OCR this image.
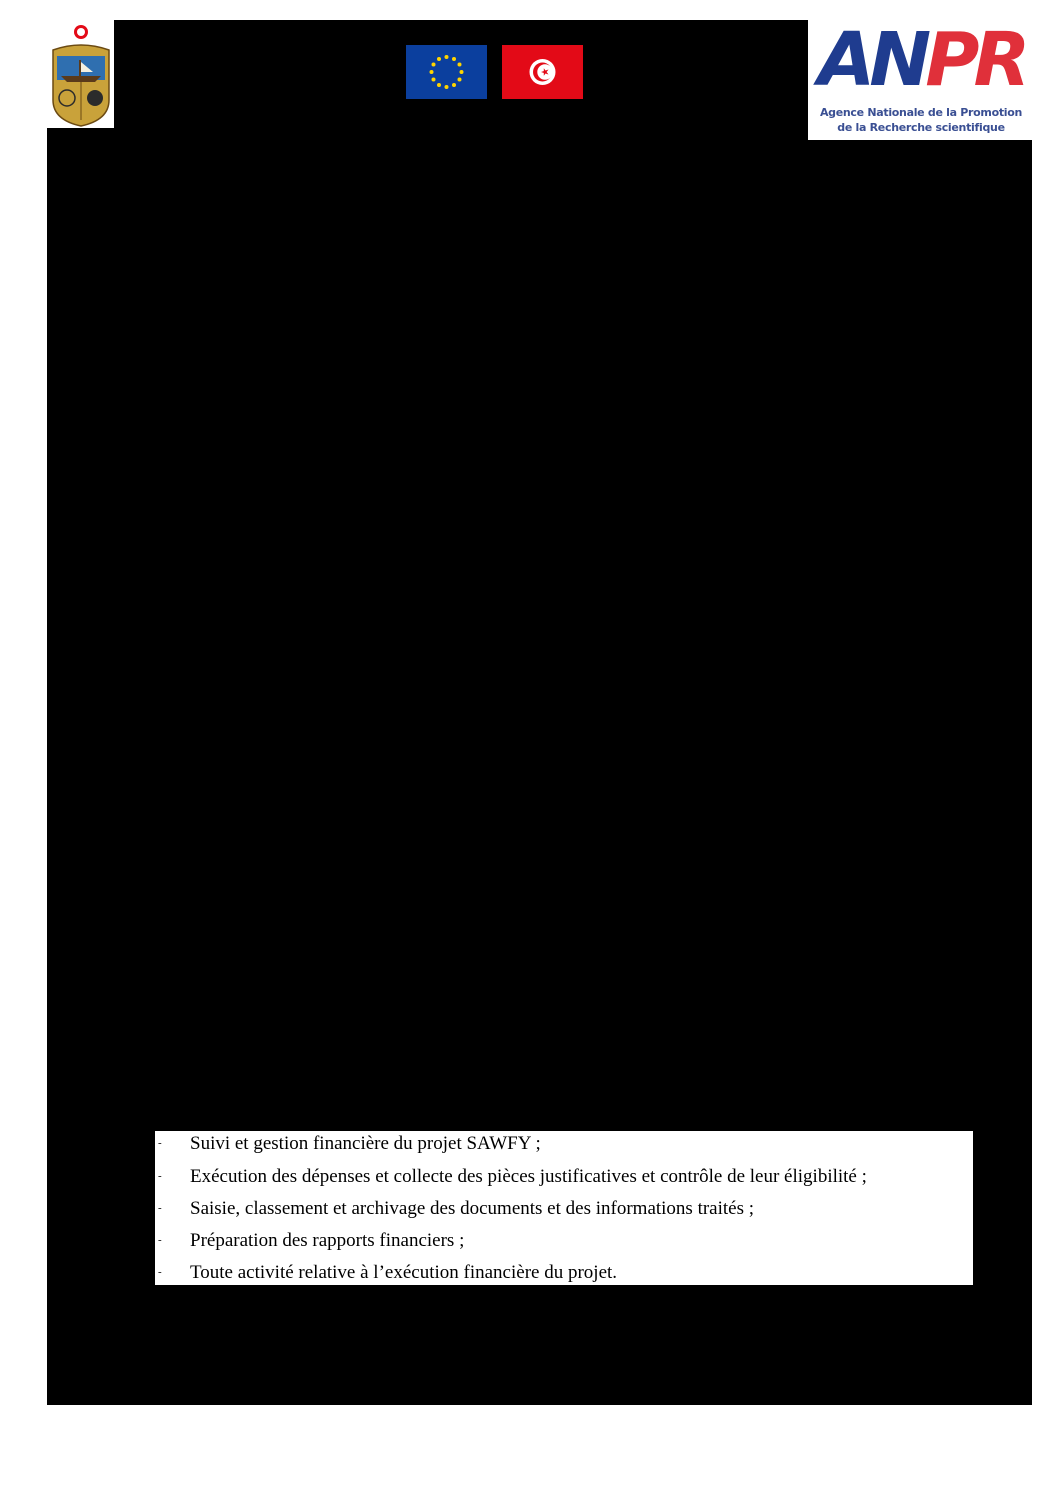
ANPR
Agence Nationale de la Promotion
de la Recherche scientifique
- Suivi et gestion financière du projet SAWFY ;
- Exécution des dépenses et collecte des pièces justificatives et contrôle de leur éligibilité ;
- Saisie, classement et archivage des documents et des informations traités ;
- Préparation des rapports financiers ;
- Toute activité relative à l’exécution financière du projet.
